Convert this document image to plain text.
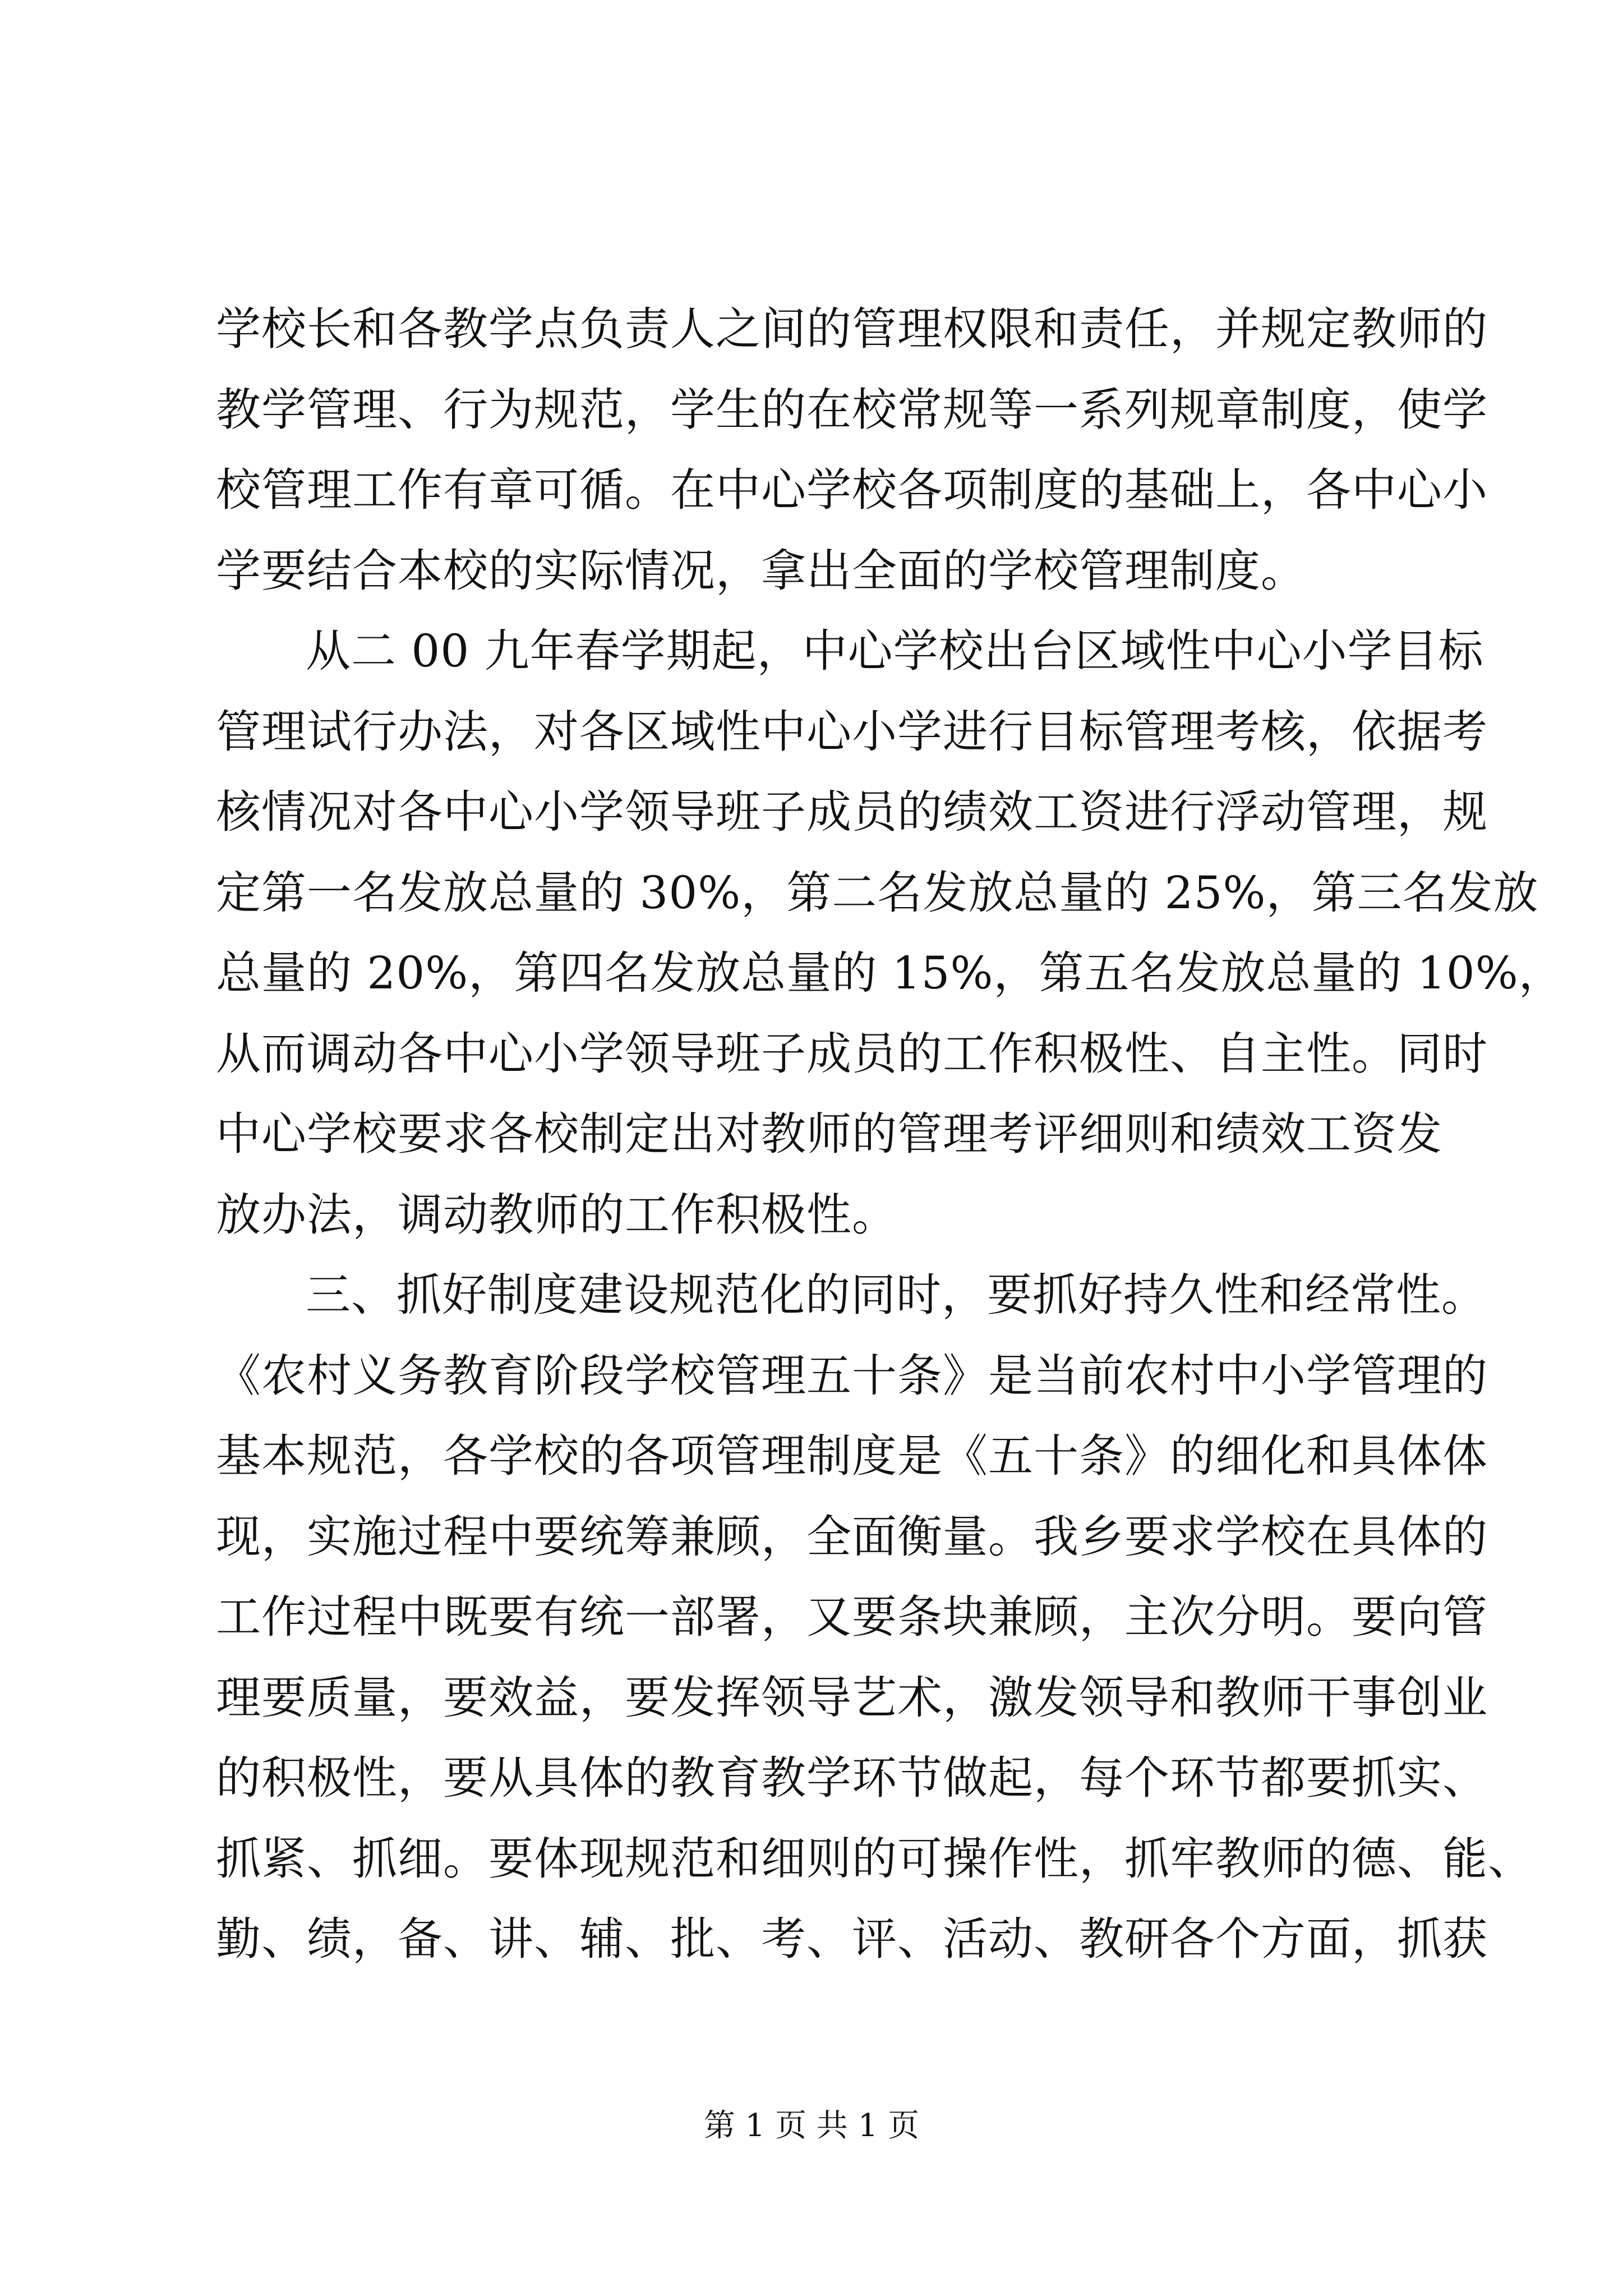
学校长和各教学点负责人之间的管理权限和责任，并规定教师的
教学管理、行为规范，学生的在校常规等一系列规章制度，使学
校管理工作有章可循。在中心学校各项制度的基础上，各中心小
学要结合本校的实际情况，拿出全面的学校管理制度。
从二 00 九年春学期起，中心学校出台区域性中心小学目标
管理试行办法，对各区域性中心小学进行目标管理考核，依据考
核情况对各中心小学领导班子成员的绩效工资进行浮动管理，规
定第一名发放总量的 30%，第二名发放总量的 25%，第三名发放
总量的 20%，第四名发放总量的 15%，第五名发放总量的 10%，
从而调动各中心小学领导班子成员的工作积极性、自主性。同时
中心学校要求各校制定出对教师的管理考评细则和绩效工资发
放办法，调动教师的工作积极性。
三、抓好制度建设规范化的同时，要抓好持久性和经常性。
《农村义务教育阶段学校管理五十条》是当前农村中小学管理的
基本规范，各学校的各项管理制度是《五十条》的细化和具体体
现，实施过程中要统筹兼顾，全面衡量。我乡要求学校在具体的
工作过程中既要有统一部署，又要条块兼顾，主次分明。要向管
理要质量，要效益，要发挥领导艺术，激发领导和教师干事创业
的积极性，要从具体的教育教学环节做起，每个环节都要抓实、
抓紧、抓细。要体现规范和细则的可操作性，抓牢教师的德、能、
勤、绩，备、讲、辅、批、考、评、活动、教研各个方面，抓获
第 1 页 共 1 页
